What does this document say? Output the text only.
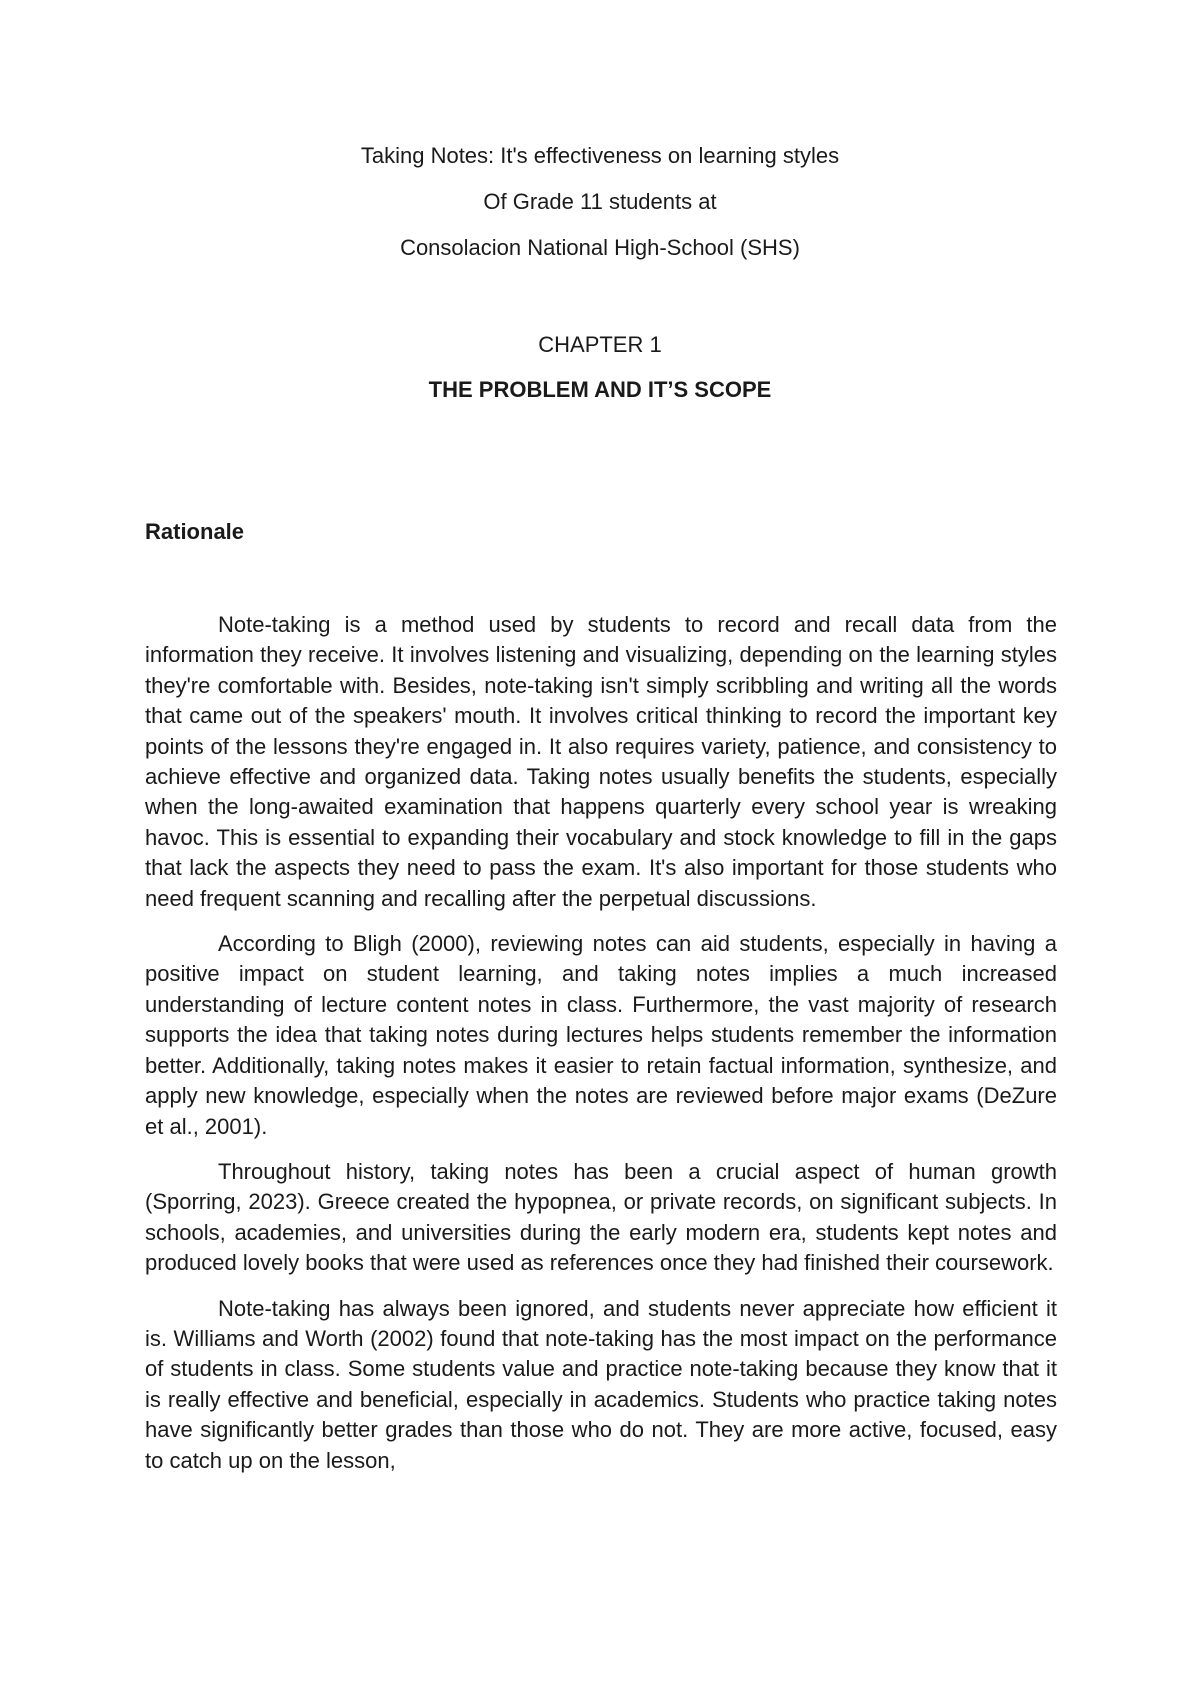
Taking Notes: It's effectiveness on learning styles
Of Grade 11 students at
Consolacion National High-School (SHS)
CHAPTER 1
THE PROBLEM AND IT’S SCOPE
Rationale

Note-taking is a method used by students to record and recall data from the information they receive. It involves listening and visualizing, depending on the learning styles they're comfortable with. Besides, note-taking isn't simply scribbling and writing all the words that came out of the speakers' mouth. It involves critical thinking to record the important key points of the lessons they're engaged in. It also requires variety, patience, and consistency to achieve effective and organized data. Taking notes usually benefits the students, especially when the long-awaited examination that happens quarterly every school year is wreaking havoc. This is essential to expanding their vocabulary and stock knowledge to fill in the gaps that lack the aspects they need to pass the exam. It's also important for those students who need frequent scanning and recalling after the perpetual discussions.

According to Bligh (2000), reviewing notes can aid students, especially in having a positive impact on student learning, and taking notes implies a much increased understanding of lecture content notes in class. Furthermore, the vast majority of research supports the idea that taking notes during lectures helps students remember the information better. Additionally, taking notes makes it easier to retain factual information, synthesize, and apply new knowledge, especially when the notes are reviewed before major exams (DeZure et al., 2001).

Throughout history, taking notes has been a crucial aspect of human growth (Sporring, 2023). Greece created the hypopnea, or private records, on significant subjects. In schools, academies, and universities during the early modern era, students kept notes and produced lovely books that were used as references once they had finished their coursework.

Note-taking has always been ignored, and students never appreciate how efficient it is. Williams and Worth (2002) found that note-taking has the most impact on the performance of students in class. Some students value and practice note-taking because they know that it is really effective and beneficial, especially in academics. Students who practice taking notes have significantly better grades than those who do not. They are more active, focused, easy to catch up on the lesson,
